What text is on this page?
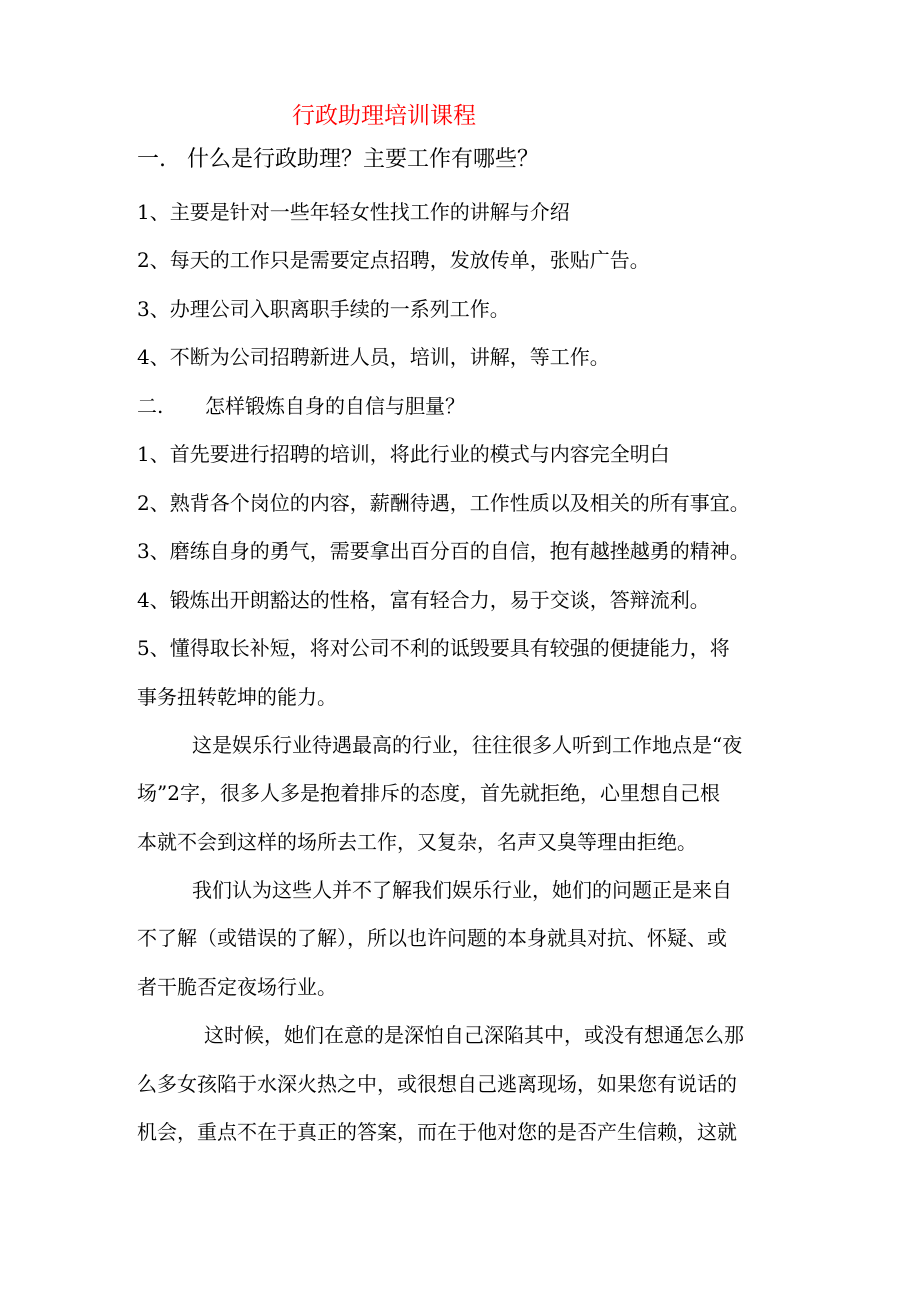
行政助理培训课程
一. 什么是行政助理？主要工作有哪些？
1、主要是针对一些年轻女性找工作的讲解与介绍
2、每天的工作只是需要定点招聘，发放传单，张贴广告。
3、办理公司入职离职手续的一系列工作。
4、不断为公司招聘新进人员，培训，讲解，等工作。
二. 怎样锻炼自身的自信与胆量？
1、首先要进行招聘的培训，将此行业的模式与内容完全明白
2、熟背各个岗位的内容，薪酬待遇，工作性质以及相关的所有事宜。
3、磨练自身的勇气，需要拿出百分百的自信，抱有越挫越勇的精神。
4、锻炼出开朗豁达的性格，富有轻合力，易于交谈，答辩流利。
5、懂得取长补短，将对公司不利的诋毁要具有较强的便捷能力，将
事务扭转乾坤的能力。
这是娱乐行业待遇最高的行业，往往很多人听到工作地点是“夜
场”2字，很多人多是抱着排斥的态度，首先就拒绝，心里想自己根
本就不会到这样的场所去工作，又复杂，名声又臭等理由拒绝。
我们认为这些人并不了解我们娱乐行业，她们的问题正是来自
不了解（或错误的了解），所以也许问题的本身就具对抗、怀疑、或
者干脆否定夜场行业。
这时候，她们在意的是深怕自己深陷其中，或没有想通怎么那
么多女孩陷于水深火热之中，或很想自己逃离现场，如果您有说话的
机会，重点不在于真正的答案，而在于他对您的是否产生信赖，这就
